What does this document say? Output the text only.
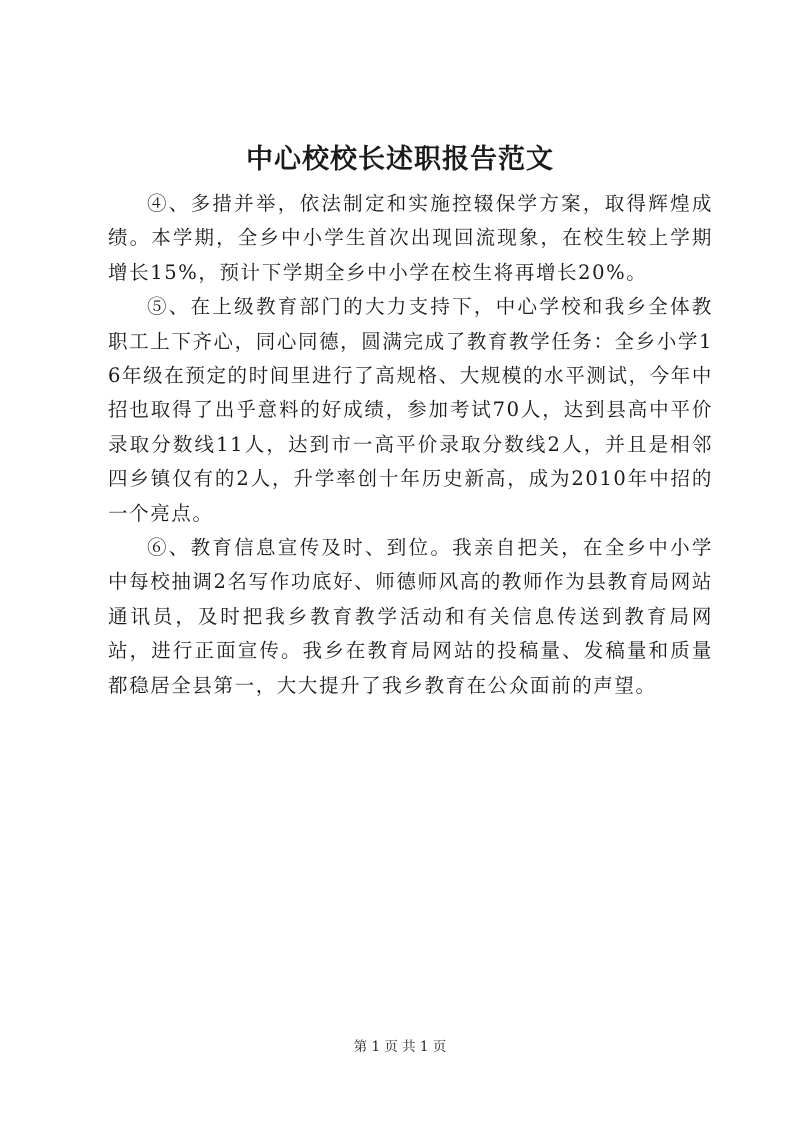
中心校校长述职报告范文

④、多措并举，依法制定和实施控辍保学方案，取得辉煌成绩。本学期，全乡中小学生首次出现回流现象，在校生较上学期增长15%，预计下学期全乡中小学在校生将再增长20%。

⑤、在上级教育部门的大力支持下，中心学校和我乡全体教职工上下齐心，同心同德，圆满完成了教育教学任务：全乡小学16年级在预定的时间里进行了高规格、大规模的水平测试，今年中招也取得了出乎意料的好成绩，参加考试70人，达到县高中平价录取分数线11人，达到市一高平价录取分数线2人，并且是相邻四乡镇仅有的2人，升学率创十年历史新高，成为2010年中招的一个亮点。

⑥、教育信息宣传及时、到位。我亲自把关，在全乡中小学中每校抽调2名写作功底好、师德师风高的教师作为县教育局网站通讯员，及时把我乡教育教学活动和有关信息传送到教育局网站，进行正面宣传。我乡在教育局网站的投稿量、发稿量和质量都稳居全县第一，大大提升了我乡教育在公众面前的声望。

第 1 页 共 1 页
